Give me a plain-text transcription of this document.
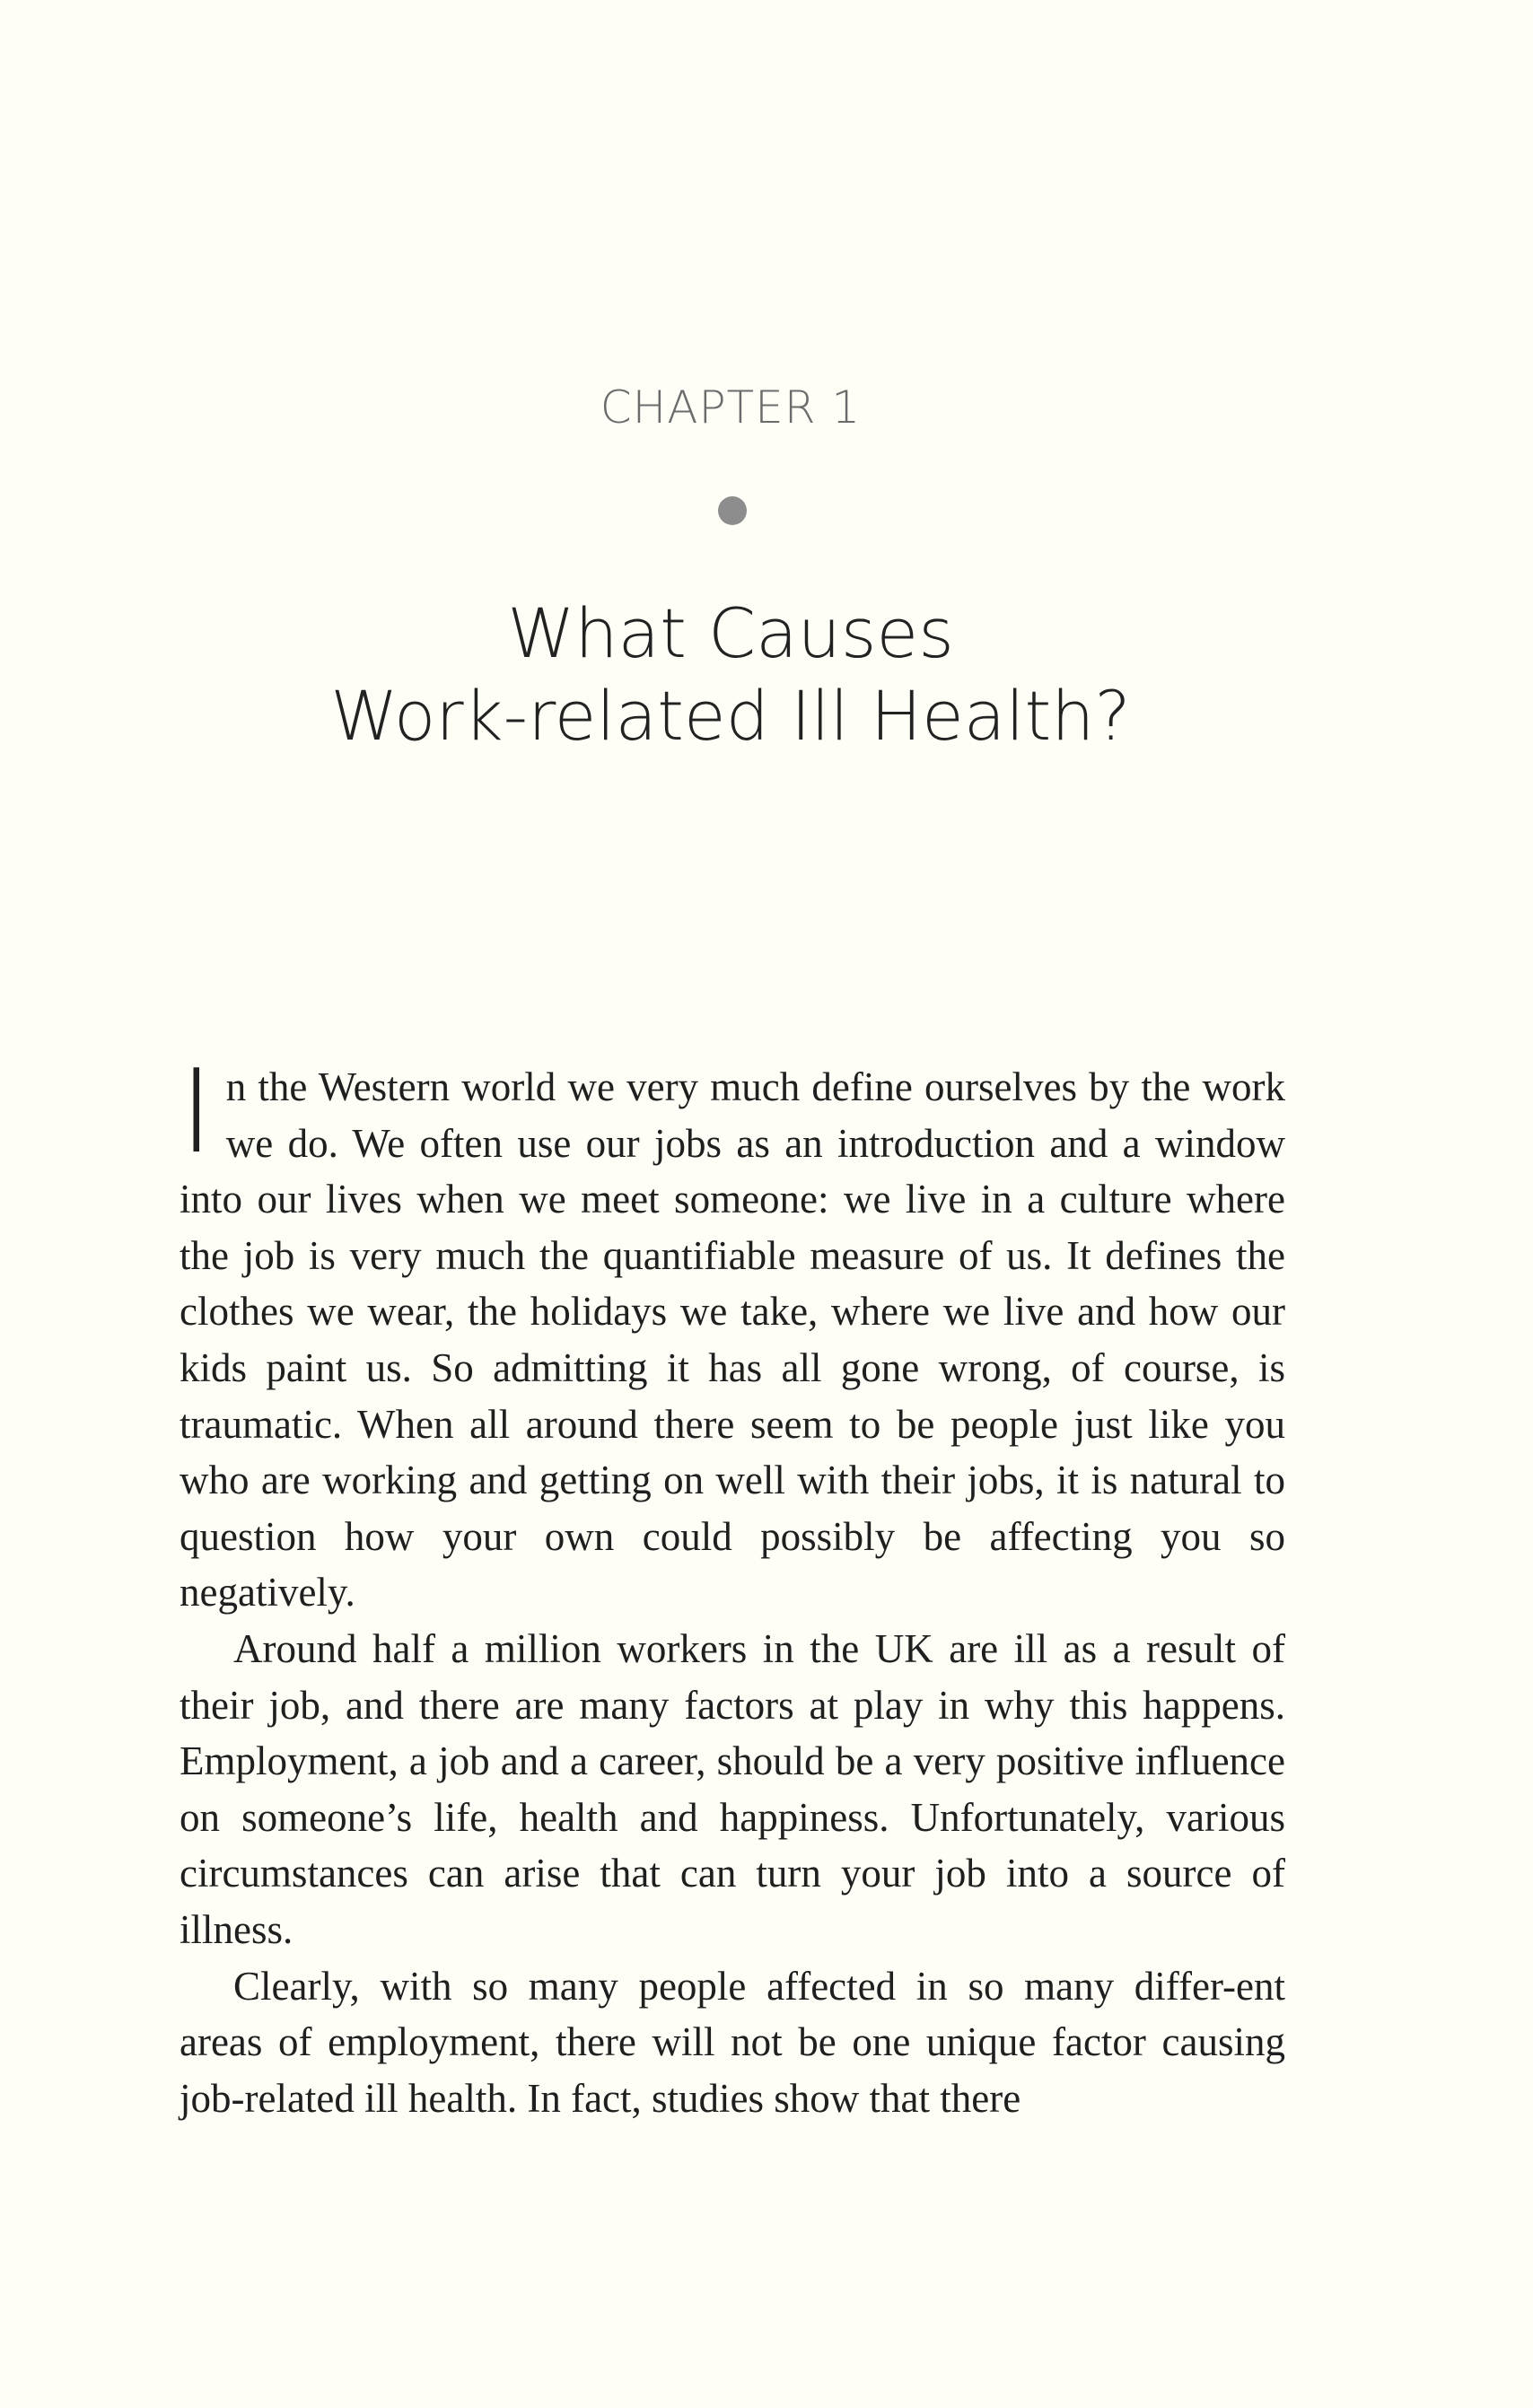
CHAPTER 1
What Causes
Work-related Ill Health?

In the Western world we very much define ourselves by the work we do. We often use our jobs as an introduction and a window into our lives when we meet someone: we live in a culture where the job is very much the quantifiable measure of us. It defines the clothes we wear, the holidays we take, where we live and how our kids paint us. So admitting it has all gone wrong, of course, is traumatic. When all around there seem to be people just like you who are working and getting on well with their jobs, it is natural to question how your own could possibly be affecting you so negatively.

Around half a million workers in the UK are ill as a result of their job, and there are many factors at play in why this happens. Employment, a job and a career, should be a very positive influence on someone’s life, health and happiness. Unfortunately, various circumstances can arise that can turn your job into a source of illness.

Clearly, with so many people affected in so many differ-ent areas of employment, there will not be one unique factor causing job-related ill health. In fact, studies show that there
